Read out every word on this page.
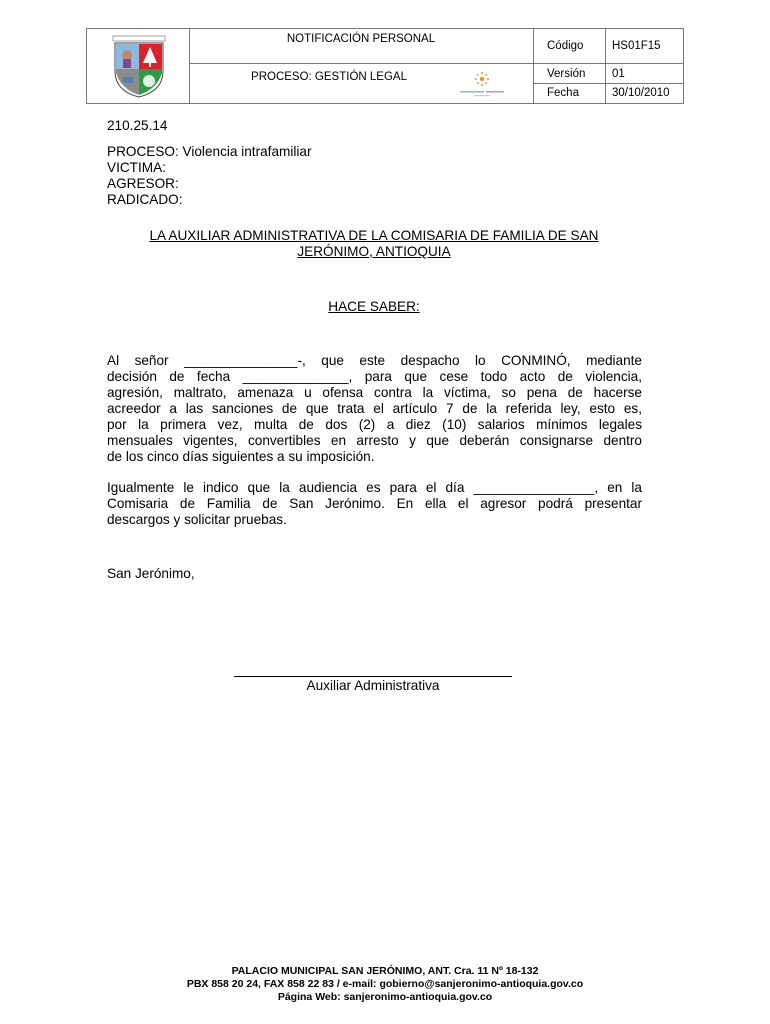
NOTIFICACIÓN PERSONAL
PROCESO: GESTIÓN LEGAL
Código HS01F15
Versión 01
Fecha	30/10/2010
210.25.14
PROCESO: Violencia intrafamiliar
VICTIMA:
AGRESOR:
RADICADO:
LA AUXILIAR ADMINISTRATIVA DE LA COMISARIA DE FAMILIA DE SAN
JERÓNIMO, ANTIOQUIA
HACE SABER:
Al señor _______________-, que este despacho lo CONMINÓ, mediante
decisión de fecha ______________, para que cese todo acto de violencia,
agresión, maltrato, amenaza u ofensa contra la víctima, so pena de hacerse
acreedor a las sanciones de que trata el artículo 7 de la referida ley, esto es,
por la primera vez, multa de dos (2) a diez (10) salarios mínimos legales
mensuales vigentes, convertibles en arresto y que deberán consignarse dentro
de los cinco días siguientes a su imposición.
Igualmente le indico que la audiencia es para el día ________________, en la
Comisaria de Familia de San Jerónimo. En ella el agresor podrá presentar
descargos y solicitar pruebas.
San Jerónimo,
Auxiliar Administrativa
PALACIO MUNICIPAL SAN JERÓNIMO, ANT. Cra. 11 Nº 18-132
PBX 858 20 24, FAX 858 22 83 / e-mail: gobierno@sanjeronimo-antioquia.gov.co
Página Web: sanjeronimo-antioquia.gov.co
